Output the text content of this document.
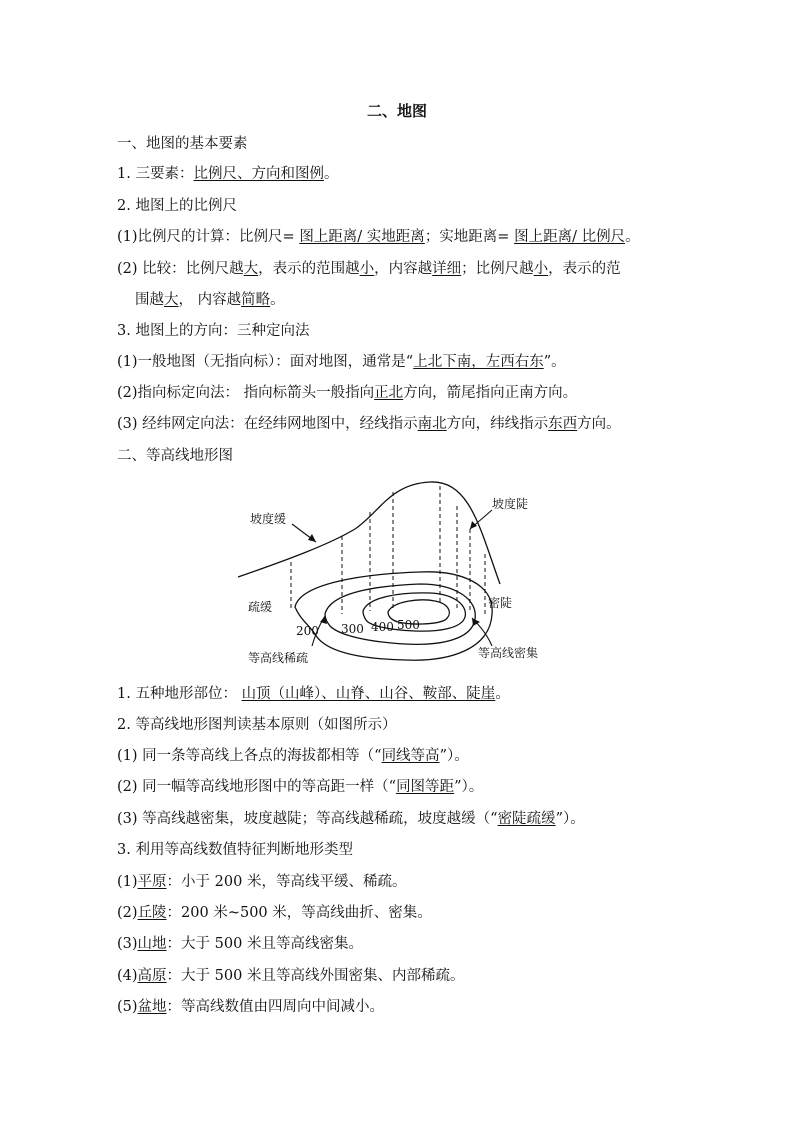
二、地图
一、地图的基本要素
1. 三要素：比例尺、方向和图例。
2. 地图上的比例尺
(1)比例尺的计算：比例尺= 图上距离/ 实地距离；实地距离= 图上距离/ 比例尺。
(2) 比较：比例尺越大，表示的范围越小，内容越详细；比例尺越小，表示的范
围越大， 内容越简略。
3. 地图上的方向：三种定向法
(1)一般地图（无指向标）：面对地图，通常是“上北下南，左西右东”。
(2)指向标定向法： 指向标箭头一般指向正北方向，箭尾指向正南方向。
(3) 经纬网定向法：在经纬网地图中，经线指示南北方向，纬线指示东西方向。
二、等高线地形图
坡度缓
坡度陡
疏缓	密陡
200 300 400 500
等高线稀疏	等高线密集
1. 五种地形部位： 山顶（山峰）、山脊、山谷、鞍部、陡崖。
2. 等高线地形图判读基本原则（如图所示）
(1) 同一条等高线上各点的海拔都相等（“同线等高”）。
(2) 同一幅等高线地形图中的等高距一样（“同图等距”）。
(3) 等高线越密集，坡度越陡；等高线越稀疏，坡度越缓（“密陡疏缓”）。
3. 利用等高线数值特征判断地形类型
(1)平原：小于 200 米，等高线平缓、稀疏。
(2)丘陵：200 米~500 米，等高线曲折、密集。
(3)山地：大于 500 米且等高线密集。
(4)高原：大于 500 米且等高线外围密集、内部稀疏。
(5)盆地：等高线数值由四周向中间减小。
